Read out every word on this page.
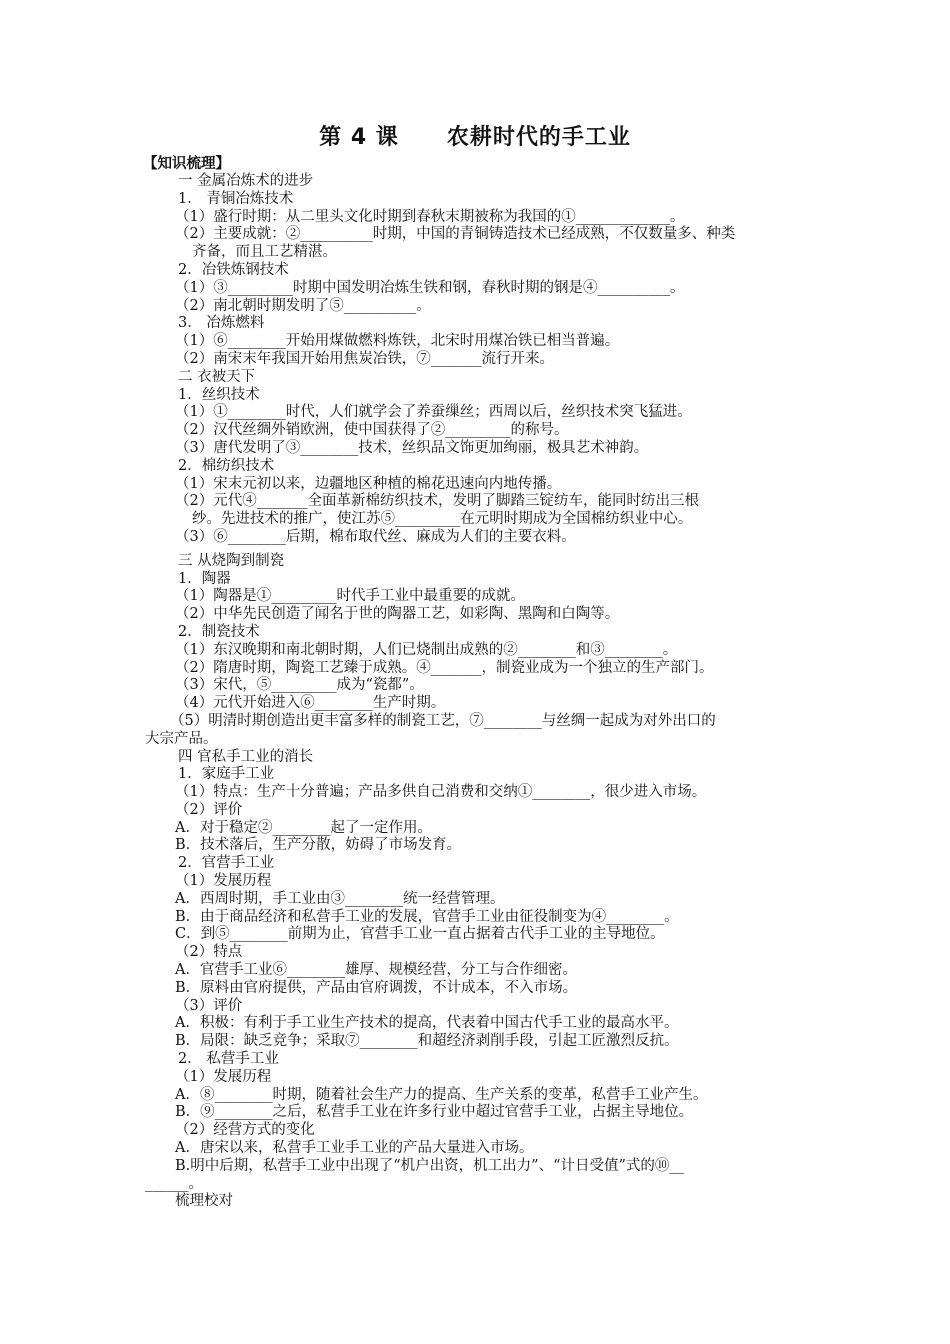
第 4 课 农耕时代的手工业
【知识梳理】
一 金属冶炼术的进步
1． 青铜冶炼技术
（1）盛行时期：从二里头文化时期到春秋末期被称为我国的①_____________。
（2）主要成就：②__________时期，中国的青铜铸造技术已经成熟，不仅数量多、种类
齐备，而且工艺精湛。
2．冶铁炼钢技术
（1）③_________时期中国发明冶炼生铁和钢，春秋时期的钢是④__________。
（2）南北朝时期发明了⑤__________。
3． 冶炼燃料
（1）⑥________开始用煤做燃料炼铁，北宋时用煤冶铁已相当普遍。
（2）南宋末年我国开始用焦炭冶铁，⑦_______流行开来。
二 衣被天下
1．丝织技术
（1）①________时代，人们就学会了养蚕缫丝；西周以后，丝织技术突飞猛进。
（2）汉代丝绸外销欧洲，使中国获得了②_________的称号。
（3）唐代发明了③________技术，丝织品文饰更加绚丽，极具艺术神韵。
2．棉纺织技术
（1）宋末元初以来，边疆地区种植的棉花迅速向内地传播。
（2）元代④_______全面革新棉纺织技术，发明了脚踏三锭纺车，能同时纺出三根
纱。先进技术的推广，使江苏⑤_________在元明时期成为全国棉纺织业中心。
（3）⑥________后期，棉布取代丝、麻成为人们的主要衣料。
三 从烧陶到制瓷
1．陶器
（1）陶器是①_________时代手工业中最重要的成就。
（2）中华先民创造了闻名于世的陶器工艺，如彩陶、黑陶和白陶等。
2．制瓷技术
（1）东汉晚期和南北朝时期，人们已烧制出成熟的②________和③________。
（2）隋唐时期，陶瓷工艺臻于成熟。④_______，制瓷业成为一个独立的生产部门。
（3）宋代，⑤_________成为“瓷都”。
（4）元代开始进入⑥________生产时期。
（5）明清时期创造出更丰富多样的制瓷工艺，⑦________与丝绸一起成为对外出口的
大宗产品。
四 官私手工业的消长
1．家庭手工业
（1）特点：生产十分普遍；产品多供自己消费和交纳①________，很少进入市场。
（2）评价
A．对于稳定②________起了一定作用。
B．技术落后，生产分散，妨碍了市场发育。
2．官营手工业
（1）发展历程
A．西周时期，手工业由③________统一经营管理。
B．由于商品经济和私营手工业的发展，官营手工业由征役制变为④________。
C．到⑤________前期为止，官营手工业一直占据着古代手工业的主导地位。
（2）特点
A．官营手工业⑥________雄厚、规模经营，分工与合作细密。
B．原料由官府提供，产品由官府调拨，不计成本，不入市场。
（3）评价
A．积极：有利于手工业生产技术的提高，代表着中国古代手工业的最高水平。
B．局限：缺乏竞争；采取⑦________和超经济剥削手段，引起工匠激烈反抗。
2． 私营手工业
（1）发展历程
A．⑧________时期，随着社会生产力的提高、生产关系的变革，私营手工业产生。
B．⑨________之后，私营手工业在许多行业中超过官营手工业，占据主导地位。
（2）经营方式的变化
A．唐宋以来，私营手工业手工业的产品大量进入市场。
B.明中后期，私营手工业中出现了“机户出资，机工出力”、“计日受值”式的⑩__
______。
梳理校对
